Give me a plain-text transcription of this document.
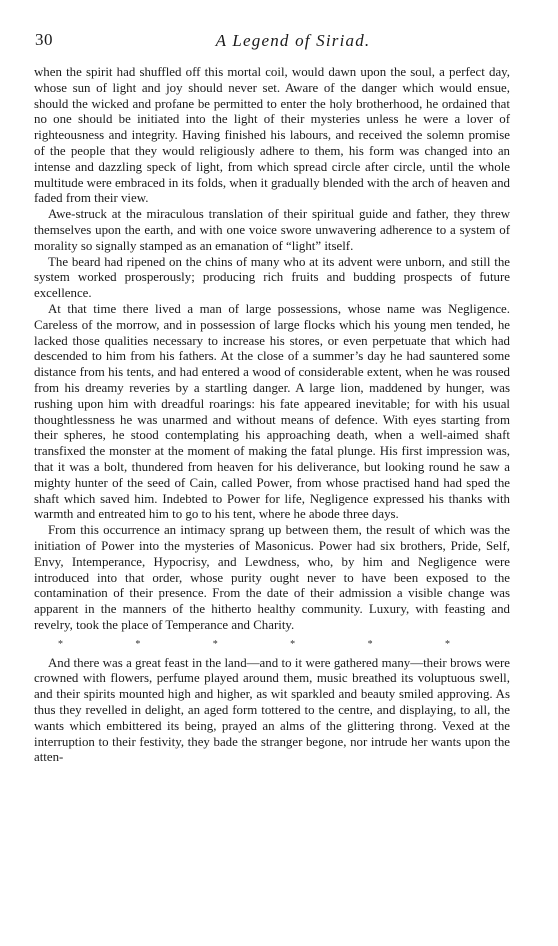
30	A Legend of Siriad.

when the spirit had shuffled off this mortal coil, would dawn upon the soul, a perfect day, whose sun of light and joy should never set. Aware of the danger which would ensue, should the wicked and profane be permitted to enter the holy brotherhood, he ordained that no one should be initiated into the light of their mysteries unless he were a lover of righteousness and integrity. Having finished his labours, and received the solemn promise of the people that they would religiously adhere to them, his form was changed into an intense and dazzling speck of light, from which spread circle after circle, until the whole multitude were embraced in its folds, when it gradually blended with the arch of heaven and faded from their view.

Awe-struck at the miraculous translation of their spiritual guide and father, they threw themselves upon the earth, and with one voice swore unwavering adherence to a system of morality so signally stamped as an emanation of “light” itself.

The beard had ripened on the chins of many who at its advent were unborn, and still the system worked prosperously; producing rich fruits and budding prospects of future excellence.

At that time there lived a man of large possessions, whose name was Negligence. Careless of the morrow, and in possession of large flocks which his young men tended, he lacked those qualities necessary to increase his stores, or even perpetuate that which had descended to him from his fathers. At the close of a summer’s day he had sauntered some distance from his tents, and had entered a wood of considerable extent, when he was roused from his dreamy reveries by a startling danger. A large lion, maddened by hunger, was rushing upon him with dreadful roarings: his fate appeared inevitable; for with his usual thoughtlessness he was unarmed and without means of defence. With eyes starting from their spheres, he stood contemplating his approaching death, when a well-aimed shaft transfixed the monster at the moment of making the fatal plunge. His first impression was, that it was a bolt, thundered from heaven for his deliverance, but looking round he saw a mighty hunter of the seed of Cain, called Power, from whose practised hand had sped the shaft which saved him. Indebted to Power for life, Negligence expressed his thanks with warmth and entreated him to go to his tent, where he abode three days.

From this occurrence an intimacy sprang up between them, the result of which was the initiation of Power into the mysteries of Masonicus. Power had six brothers, Pride, Self, Envy, Intemperance, Hypocrisy, and Lewdness, who, by him and Negligence were introduced into that order, whose purity ought never to have been exposed to the contamination of their presence. From the date of their admission a visible change was apparent in the manners of the hitherto healthy community. Luxury, with feasting and revelry, took the place of Temperance and Charity.

*	*	*	*	*	*

And there was a great feast in the land—and to it were gathered many—their brows were crowned with flowers, perfume played around them, music breathed its voluptuous swell, and their spirits mounted high and higher, as wit sparkled and beauty smiled approving. As thus they revelled in delight, an aged form tottered to the centre, and displaying, to all, the wants which embittered its being, prayed an alms of the glittering throng. Vexed at the interruption to their festivity, they bade the stranger begone, nor intrude her wants upon the atten-
